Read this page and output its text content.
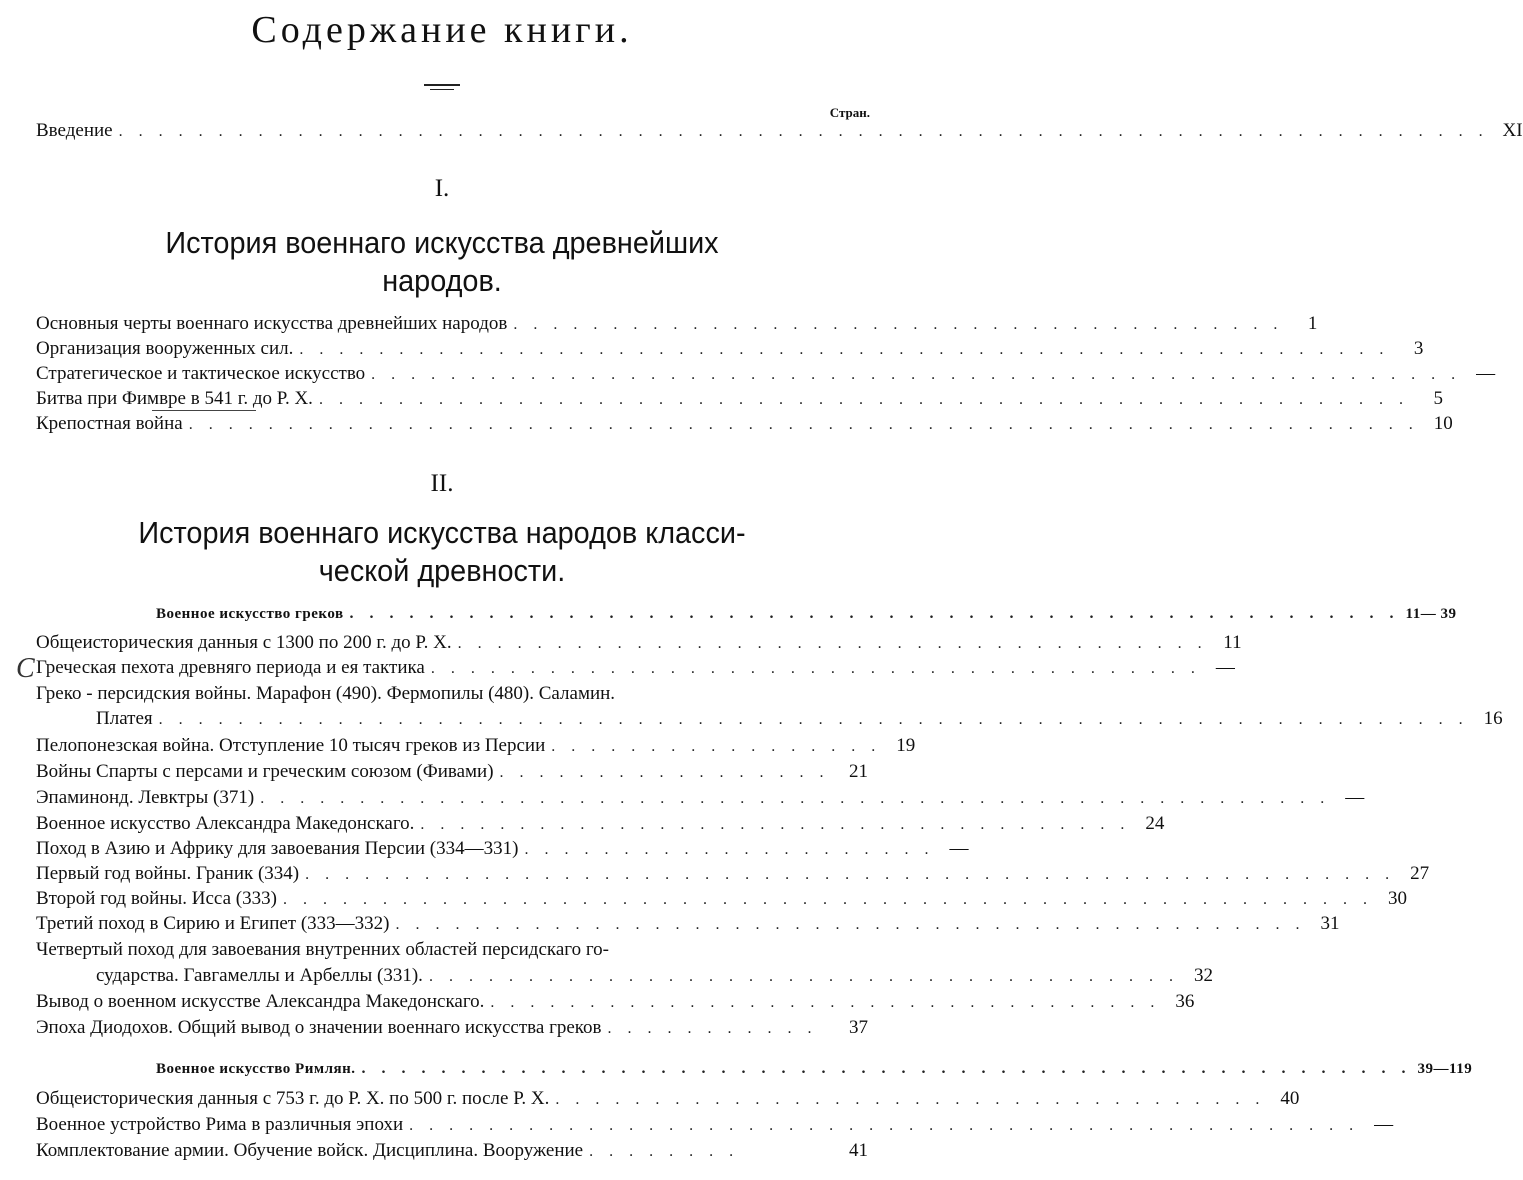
Содержание книги.
Стран.
Введение . . . . . . . . . . . . . . . . . . . . . . . . . . . . . . . . . . . . . . . . . . . . . . . . . . . . . . . . . . . . . . . . . . . . . XI
I.
История военнаго искусства древнейших
народов.
Основныя черты военнаго искусства древнейших народов . . . . . . . . . . . . . . . . . . . . . . . . . . . . . . . . . . . . . . .	1
Организация вооруженных сил. . . . . . . . . . . . . . . . . . . . . . . . . . . . . . . . . . . . . . . . . . . . . . . . . . . . . . . .	3
Стратегическое и тактическое искусство . . . . . . . . . . . . . . . . . . . . . . . . . . . . . . . . . . . . . . . . . . . . . . . . . . . . . . . —
Битва при Фимвре в 541 г. до Р. Х. . . . . . . . . . . . . . . . . . . . . . . . . . . . . . . . . . . . . . . . . . . . . . . . . . . . . . . .	5
Крепостная война . . . . . . . . . . . . . . . . . . . . . . . . . . . . . . . . . . . . . . . . . . . . . . . . . . . . . . . . . . . . . . 10
II.
История военнаго искусства народов класси-
ческой древности.
Военное искусство греков . . . . . . . . . . . . . . . . . . . . . . . . . . . . . . . . . . . . . . . . . . . . . . . . . . . . . 11— 39
Общеисторическия данныя с 1300 по 200 г. до Р. Х. . . . . . . . . . . . . . . . . . . . . . . . . . . . . . . . . . . . . . . 11
C Греческая пехота древняго периода и ея тактика . . . . . . . . . . . . . . . . . . . . . . . . . . . . . . . . . . . . . . . —
Греко - персидския войны. Марафон (490). Фермопилы (480). Саламин.
Платея . . . . . . . . . . . . . . . . . . . . . . . . . . . . . . . . . . . . . . . . . . . . . . . . . . . . . . . . . . . . . . . . . . 16
Пелопонезская война. Отступление 10 тысяч греков из Персии . . . . . . . . . . . . . . . . . 19
Войны Спарты с персами и греческим союзом (Фивами) . . . . . . . . . . . . . . . . .	21
Эпаминонд. Левктры (371) . . . . . . . . . . . . . . . . . . . . . . . . . . . . . . . . . . . . . . . . . . . . . . . . . . . . . . —
Военное искусство Александра Македонскаго. . . . . . . . . . . . . . . . . . . . . . . . . . . . . . . . . . . . . 24
Поход в Азию и Африку для завоевания Персии (334—331) . . . . . . . . . . . . . . . . . . . . . —
Первый год войны. Граник (334) . . . . . . . . . . . . . . . . . . . . . . . . . . . . . . . . . . . . . . . . . . . . . . . . . . . . . . . 27
Второй год войны. Исса (333) . . . . . . . . . . . . . . . . . . . . . . . . . . . . . . . . . . . . . . . . . . . . . . . . . . . . . . . 30
Третий поход в Сирию и Египет (333—332) . . . . . . . . . . . . . . . . . . . . . . . . . . . . . . . . . . . . . . . . . . . . . . 31
Четвертый поход для завоевания внутренних областей персидскаго го-
сударства. Гавгамеллы и Арбеллы (331). . . . . . . . . . . . . . . . . . . . . . . . . . . . . . . . . . . . . . . 32
Вывод о военном искусстве Александра Македонскаго. . . . . . . . . . . . . . . . . . . . . . . . . . . . . . . . . . . 36
Эпоха Диодохов. Общий вывод о значении военнаго искусства греков . . . . . . . . . . .	37
Военное искусство Римлян. . . . . . . . . . . . . . . . . . . . . . . . . . . . . . . . . . . . . . . . . . . . . . . . . . . . . . 39—119
Общеисторическия данныя с 753 г. до Р. Х. по 500 г. после Р. Х. . . . . . . . . . . . . . . . . . . . . . . . . . . . . . . . . . . . . 40
Военное устройство Рима в различныя эпохи . . . . . . . . . . . . . . . . . . . . . . . . . . . . . . . . . . . . . . . . . . . . . . . . —
Комплектование армии. Обучение войск. Дисциплина. Вооружение . . . . . . . .	41
